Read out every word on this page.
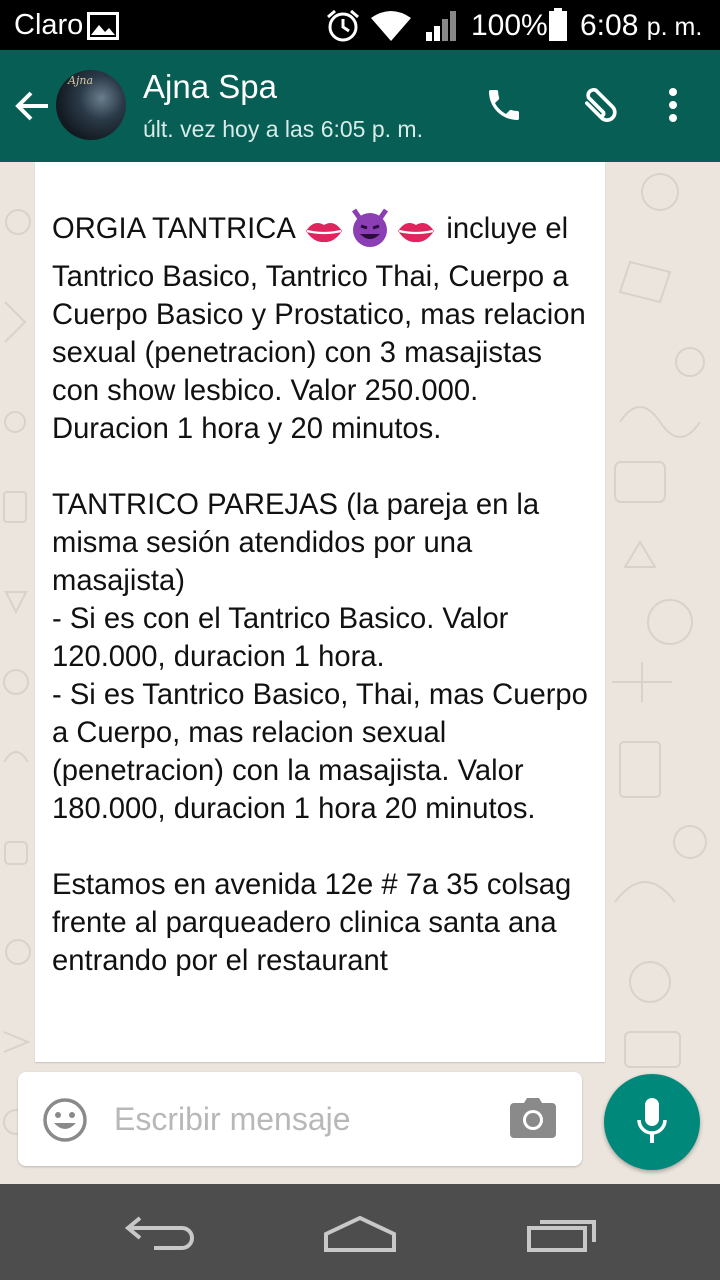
Claro	100% 6:08 p. m.
Ajna Ajna Spa
últ. vez hoy a las 6:05 p. m.
ORGIA TANTRICA	incluye el Tantrico Basico, Tantrico Thai, Cuerpo a Cuerpo Basico y Prostatico, mas relacion sexual (penetracion) con 3 masajistas con show lesbico. Valor 250.000. Duracion 1 hora y 20 minutos.

TANTRICO PAREJAS (la pareja en la misma sesión atendidos por una masajista)
- Si es con el Tantrico Basico. Valor 120.000, duracion 1 hora.
- Si es Tantrico Basico, Thai, mas Cuerpo a Cuerpo, mas relacion sexual (penetracion) con la masajista. Valor 180.000, duracion 1 hora 20 minutos.

Estamos en avenida 12e # 7a 35 colsag frente al parqueadero clinica santa ana entrando por el restaurant
Escribir mensaje
